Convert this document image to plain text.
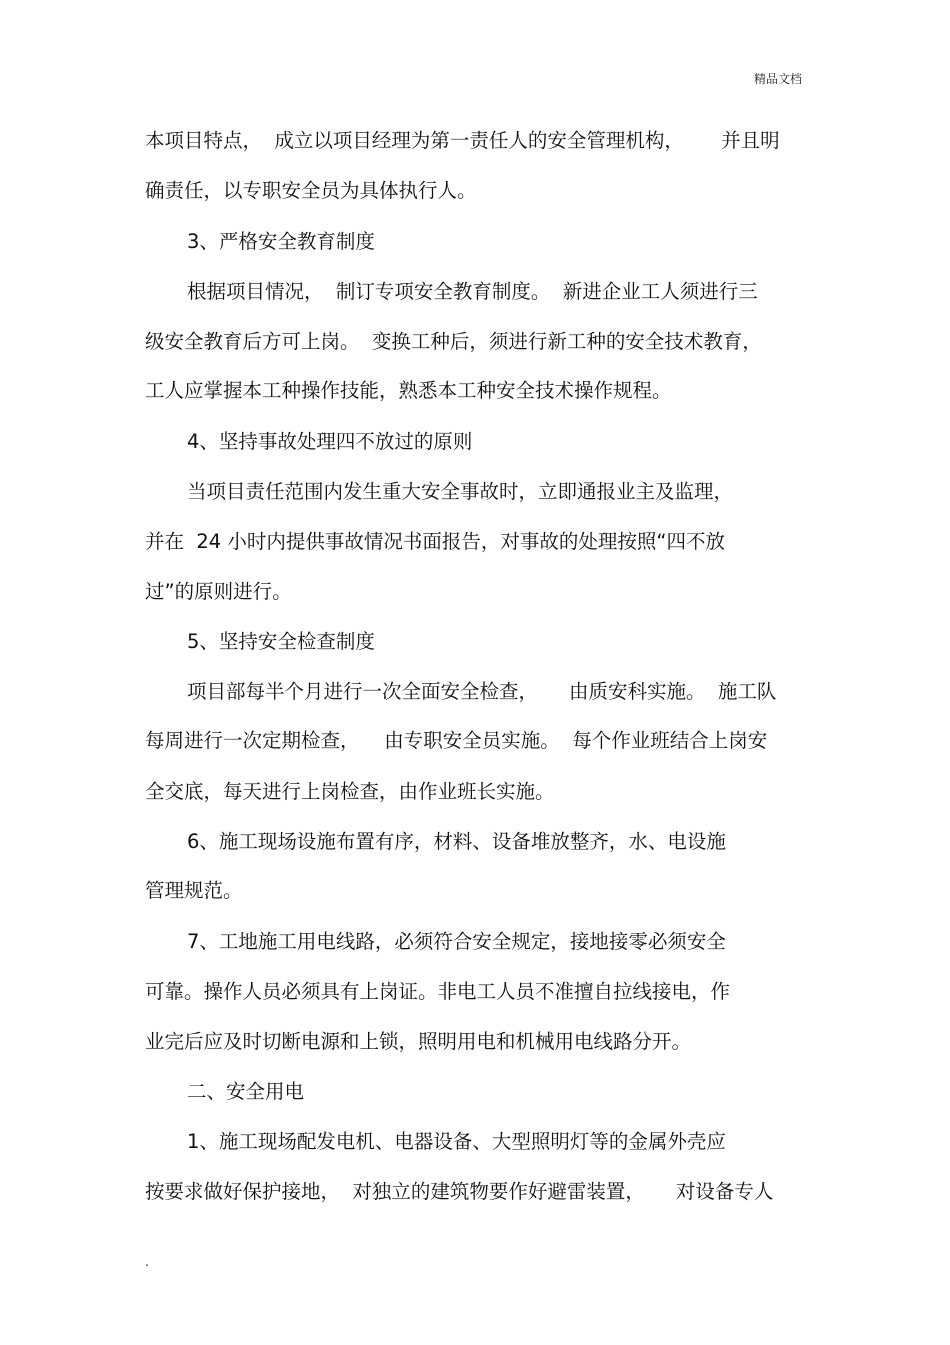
精品文档
本项目特点，  成立以项目经理为第一责任人的安全管理机构，      并且明
确责任，以专职安全员为具体执行人。
3、严格安全教育制度
根据项目情况，  制订专项安全教育制度。  新进企业工人须进行三
级安全教育后方可上岗。  变换工种后，须进行新工种的安全技术教育，
工人应掌握本工种操作技能，熟悉本工种安全技术操作规程。
4、坚持事故处理四不放过的原则
当项目责任范围内发生重大安全事故时，立即通报业主及监理，
并在  24 小时内提供事故情况书面报告，对事故的处理按照“四不放
过”的原则进行。
5、坚持安全检查制度
项目部每半个月进行一次全面安全检查，     由质安科实施。  施工队
每周进行一次定期检查，    由专职安全员实施。  每个作业班结合上岗安
全交底，每天进行上岗检查，由作业班长实施。
6、施工现场设施布置有序，材料、设备堆放整齐，水、电设施
管理规范。
7、工地施工用电线路，必须符合安全规定，接地接零必须安全
可靠。操作人员必须具有上岗证。非电工人员不准擅自拉线接电，作
业完后应及时切断电源和上锁，照明用电和机械用电线路分开。
二、安全用电
1、施工现场配发电机、电器设备、大型照明灯等的金属外壳应
按要求做好保护接地，  对独立的建筑物要作好避雷装置，     对设备专人
.
